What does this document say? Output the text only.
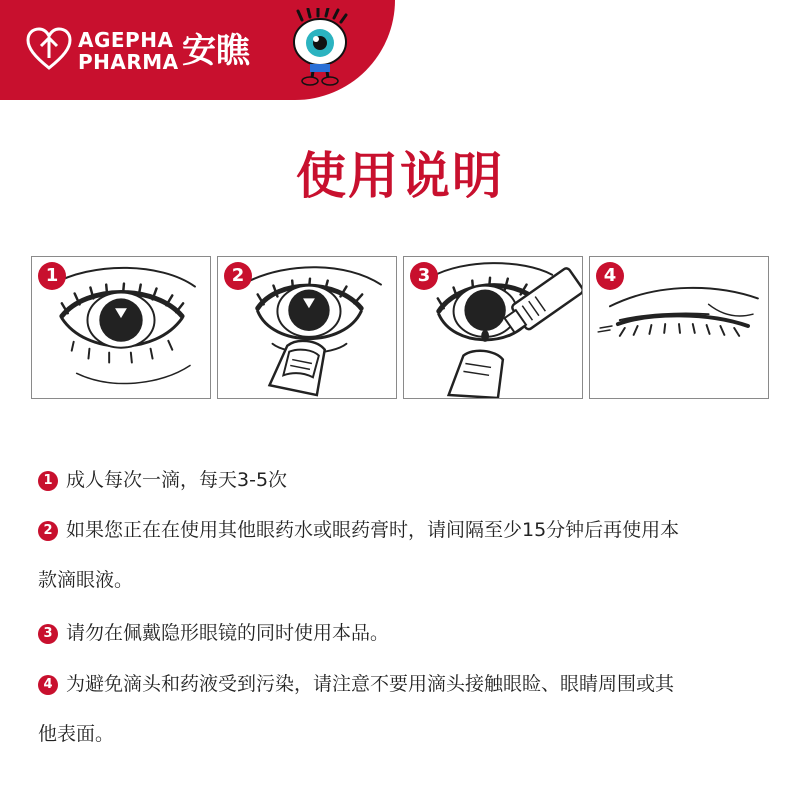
AGEPHA
PHARMA 安瞧
使用说明
1	2	3	4
1 成人每次一滴，每天3-5次
2 如果您正在在使用其他眼药水或眼药膏时，请间隔至少15分钟后再使用本
款滴眼液。
3 请勿在佩戴隐形眼镜的同时使用本品。
4 为避免滴头和药液受到污染，请注意不要用滴头接触眼睑、眼睛周围或其
他表面。
